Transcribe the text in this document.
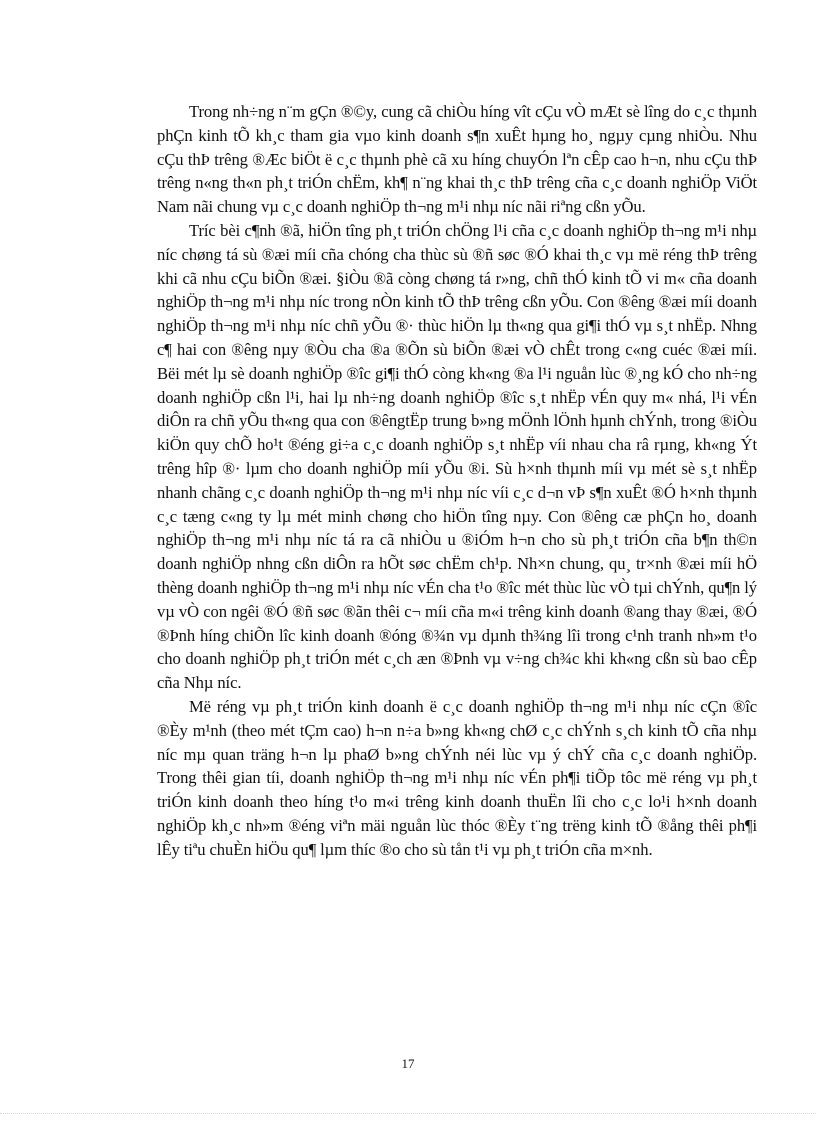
Trong nh÷ng n¨m gÇn ®©y, cung cã chiÒu híng vît cÇu vÒ mÆt sè lîng do c¸c thµnh phÇn kinh tÕ kh¸c tham gia vµo kinh doanh s¶n xuÊt hµng ho¸ ngµy cµng nhiÒu. Nhu cÇu thÞ trêng ®Æc biÖt ë c¸c thµnh phè cã xu híng chuyÓn lªn cÊp cao h¬n, nhu cÇu thÞ trêng n«ng th«n ph¸t triÓn chËm, kh¶ n¨ng khai th¸c thÞ trêng cña c¸c doanh nghiÖp ViÖt Nam nãi chung vµ c¸c doanh nghiÖp th¬ng m¹i nhµ níc nãi riªng cßn yÕu.

Tríc bèi c¶nh ®ã, hiÖn tîng ph¸t triÓn chÖng l¹i cña c¸c doanh nghiÖp th¬ng m¹i nhµ níc chøng tá sù ®æi míi cña chóng cha thùc sù ®ñ søc ®Ó khai th¸c vµ më réng thÞ trêng khi cã nhu cÇu biÕn ®æi. §iÒu ®ã còng chøng tá r»ng, chñ thÓ kinh tÕ vi m« cña doanh nghiÖp th¬ng m¹i nhµ níc trong nÒn kinh tÕ thÞ trêng cßn yÕu. Con ®êng ®æi míi doanh nghiÖp th¬ng m¹i nhµ níc chñ yÕu ®· thùc hiÖn lµ th«ng qua gi¶i thÓ vµ s¸t nhËp. Nhng c¶ hai con ®êng nµy ®Òu cha ®a ®Õn sù biÕn ®æi vÒ chÊt trong c«ng cuéc ®æi míi. Bëi mét lµ sè doanh nghiÖp ®îc gi¶i thÓ còng kh«ng ®a l¹i nguån lùc ®¸ng kÓ cho nh÷ng doanh nghiÖp cßn l¹i, hai lµ nh÷ng doanh nghiÖp ®îc s¸t nhËp vÉn quy m« nhá, l¹i vÉn diÔn ra chñ yÕu th«ng qua con ®êngtËp trung b»ng mÖnh lÖnh hµnh chÝnh, trong ®iÒu kiÖn quy chÕ ho¹t ®éng gi÷a c¸c doanh nghiÖp s¸t nhËp víi nhau cha râ rµng, kh«ng Ýt trêng hîp ®· lµm cho doanh nghiÖp míi yÕu ®i. Sù h×nh thµnh míi vµ mét sè s¸t nhËp nhanh chãng c¸c doanh nghiÖp th¬ng m¹i nhµ níc víi c¸c d¬n vÞ s¶n xuÊt ®Ó h×nh thµnh c¸c tæng c«ng ty lµ mét minh chøng cho hiÖn tîng nµy. Con ®êng cæ phÇn ho¸ doanh nghiÖp th¬ng m¹i nhµ níc tá ra cã nhiÒu u ®iÓm h¬n cho sù ph¸t triÓn cña b¶n th©n doanh nghiÖp nhng cßn diÔn ra hÕt søc chËm ch¹p. Nh×n chung, qu¸ tr×nh ®æi míi hÖ thèng doanh nghiÖp th¬ng m¹i nhµ níc vÉn cha t¹o ®îc mét thùc lùc vÒ tµi chÝnh, qu¶n lý vµ vÒ con ngêi ®Ó ®ñ søc ®ãn thêi c¬ míi cña m«i trêng kinh doanh ®ang thay ®æi, ®Ó ®Þnh híng chiÕn lîc kinh doanh ®óng ®¾n vµ dµnh th¾ng lîi trong c¹nh tranh nh»m t¹o cho doanh nghiÖp ph¸t triÓn mét c¸ch æn ®Þnh vµ v÷ng ch¾c khi kh«ng cßn sù bao cÊp cña Nhµ níc.

Më réng vµ ph¸t triÓn kinh doanh ë c¸c doanh nghiÖp th¬ng m¹i nhµ níc cÇn ®îc ®Èy m¹nh (theo mét tÇm cao) h¬n n÷a b»ng kh«ng chØ c¸c chÝnh s¸ch kinh tÕ cña nhµ níc mµ quan träng h¬n lµ phaØ b»ng chÝnh néi lùc vµ ý chÝ cña c¸c doanh nghiÖp. Trong thêi gian tíi, doanh nghiÖp th¬ng m¹i nhµ níc vÉn ph¶i tiÕp tôc më réng vµ ph¸t triÓn kinh doanh theo híng t¹o m«i trêng kinh doanh thuËn lîi cho c¸c lo¹i h×nh doanh nghiÖp kh¸c nh»m ®éng viªn mäi nguån lùc thóc ®Èy t¨ng trëng kinh tÕ ®ång thêi ph¶i lÊy tiªu chuÈn hiÖu qu¶ lµm thíc ®o cho sù tån t¹i vµ ph¸t triÓn cña m×nh.

17
